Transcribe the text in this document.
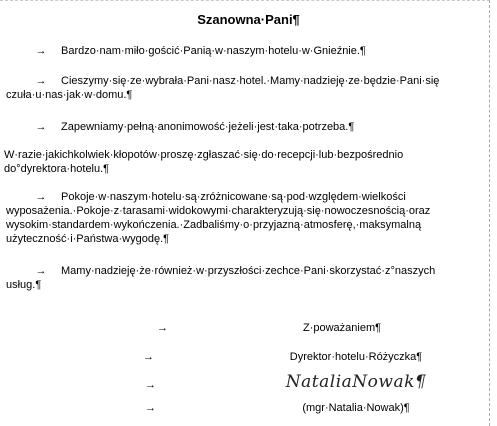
Szanowna·Pani¶
→ Bardzo·nam·miło·gościć·Panią·w·naszym·hotelu·w·Gnieźnie.¶
→ Cieszymy·się·ze·wybrała·Pani·nasz·hotel.·Mamy·nadzieję·ze·będzie·Pani·się
czuła·u·nas·jak·w·domu.¶
→ Zapewniamy·pełną·anonimowość·jeżeli·jest·taka·potrzeba.¶
W·razie·jakichkolwiek·kłopotów·proszę·zgłaszać·się·do·recepcji·lub·bezpośrednio
do°dyrektora·hotelu.¶
→ Pokoje·w·naszym·hotelu·są·zróżnicowane·są·pod·względem·wielkości
wyposażenia.·Pokoje·z·tarasami·widokowymi·charakteryzują·się·nowoczesnością·oraz
wysokim·standardem·wykończenia.·Zadbaliśmy·o·przyjazną·atmosferę,·maksymalną
użyteczność·i·Państwa·wygodę.¶
→ Mamy·nadzieję·że·również·w·przyszłości·zechce·Pani·skorzystać·z°naszych
usług.¶
→	Z·poważaniem¶
→	Dyrektor·hotelu·Różyczka¶
→	NataliaNowak¶
→	(mgr·Natalia·Nowak)¶
